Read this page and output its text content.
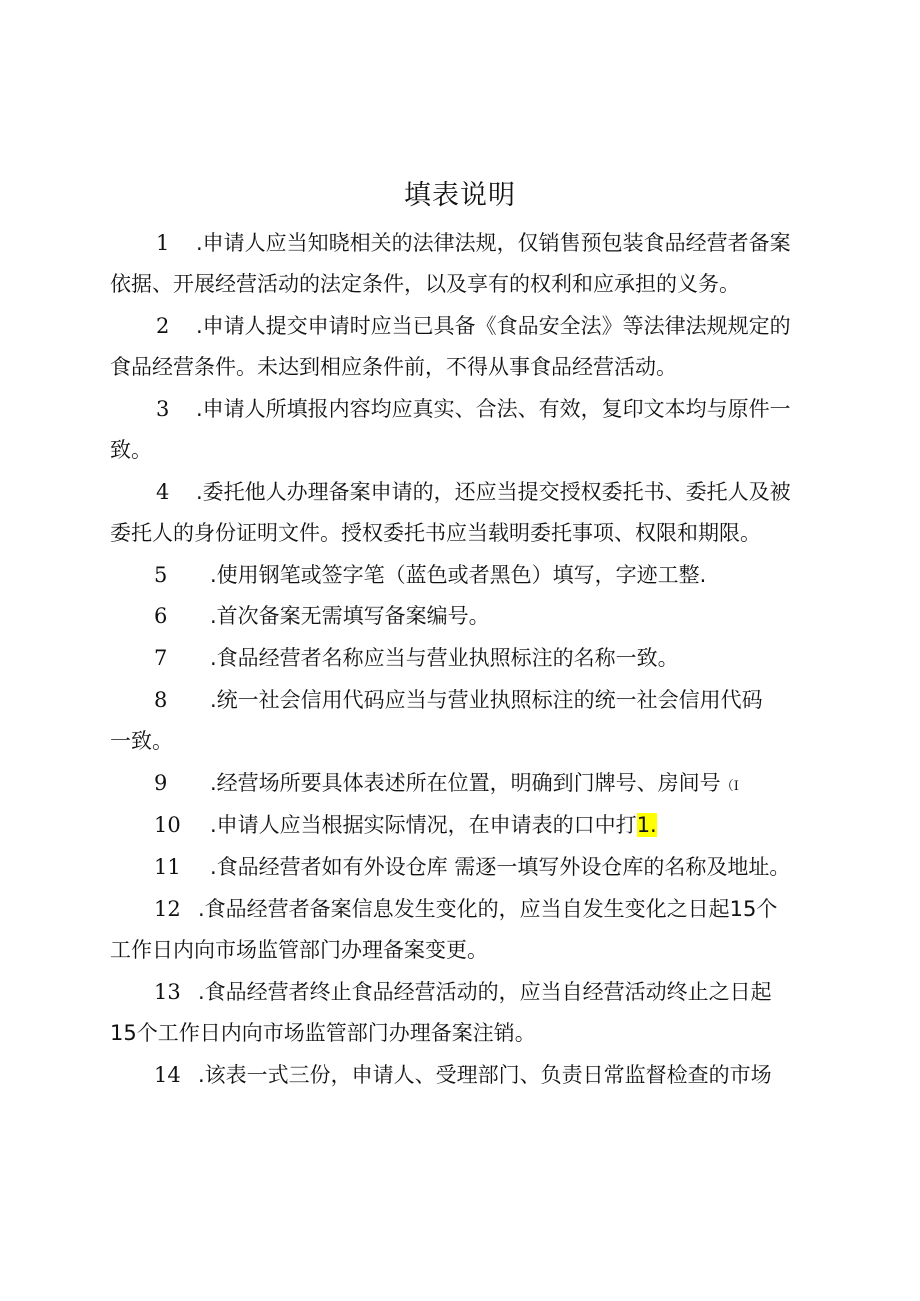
填表说明
1 .申请人应当知晓相关的法律法规，仅销售预包装食品经营者备案
依据、开展经营活动的法定条件，以及享有的权利和应承担的义务。
2 .申请人提交申请时应当已具备《食品安全法》等法律法规规定的
食品经营条件。未达到相应条件前，不得从事食品经营活动。
3 .申请人所填报内容均应真实、合法、有效，复印文本均与原件一
致。
4 .委托他人办理备案申请的，还应当提交授权委托书、委托人及被
委托人的身份证明文件。授权委托书应当载明委托事项、权限和期限。
5 .使用钢笔或签字笔（蓝色或者黑色）填写，字迹工整.
6 .首次备案无需填写备案编号。
7 .食品经营者名称应当与营业执照标注的名称一致。
8 .统一社会信用代码应当与营业执照标注的统一社会信用代码
一致。
9 .经营场所要具体表述所在位置，明确到门牌号、房间号（I
10 .申请人应当根据实际情况，在申请表的口中打1.
11 .食品经营者如有外设仓库 需逐一填写外设仓库的名称及地址。
12 .食品经营者备案信息发生变化的，应当自发生变化之日起15个
工作日内向市场监管部门办理备案变更。
13 .食品经营者终止食品经营活动的，应当自经营活动终止之日起
15个工作日内向市场监管部门办理备案注销。
14 .该表一式三份，申请人、受理部门、负责日常监督检查的市场
